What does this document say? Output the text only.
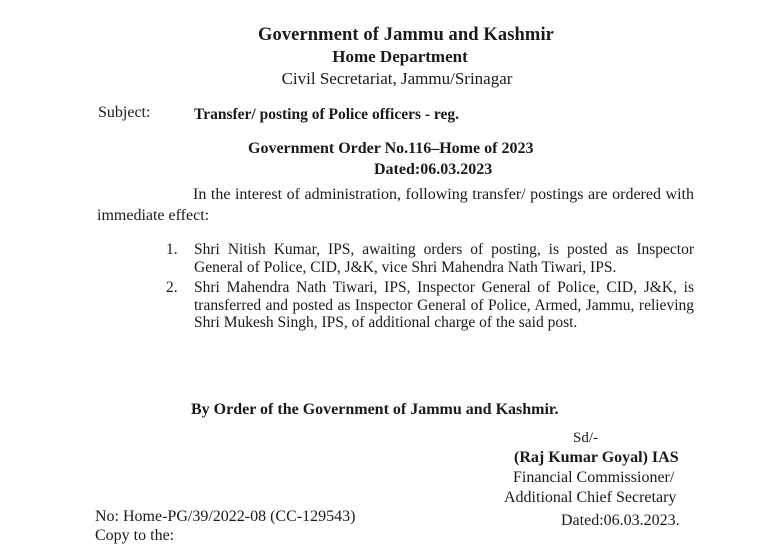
Government of Jammu and Kashmir
Home Department
Civil Secretariat, Jammu/Srinagar
Subject:	Transfer/ posting of Police officers - reg.
Government Order No.116–Home of 2023
Dated:06.03.2023
In the interest of administration, following transfer/ postings are ordered with immediate effect:
1. Shri Nitish Kumar, IPS, awaiting orders of posting, is posted as Inspector General of Police, CID, J&K, vice Shri Mahendra Nath Tiwari, IPS.
2. Shri Mahendra Nath Tiwari, IPS, Inspector General of Police, CID, J&K, is transferred and posted as Inspector General of Police, Armed, Jammu, relieving Shri Mukesh Singh, IPS, of additional charge of the said post.
By Order of the Government of Jammu and Kashmir.
Sd/-
(Raj Kumar Goyal) IAS
Financial Commissioner/
Additional Chief Secretary
Dated:06.03.2023.
No: Home-PG/39/2022-08 (CC-129543)
Copy to the:
